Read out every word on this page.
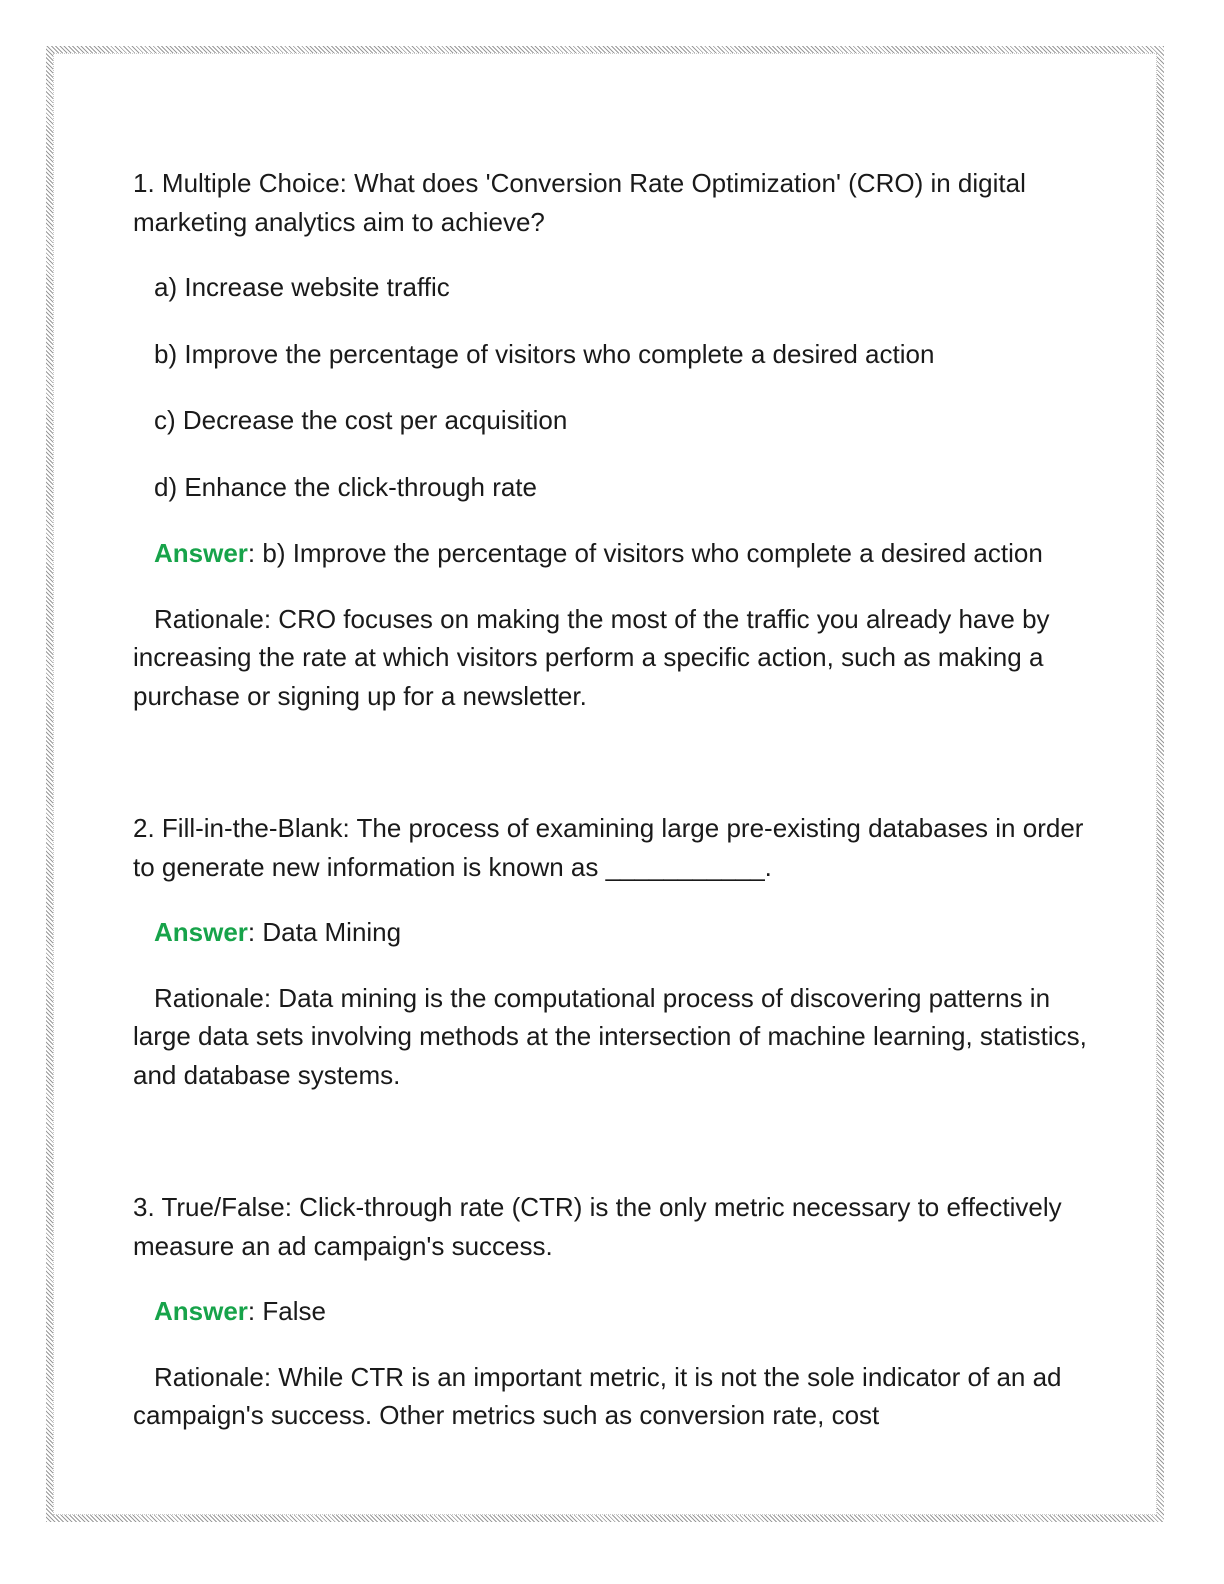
1. Multiple Choice: What does 'Conversion Rate Optimization' (CRO) in digital marketing analytics aim to achieve?

a) Increase website traffic

b) Improve the percentage of visitors who complete a desired action

c) Decrease the cost per acquisition

d) Enhance the click-through rate

Answer: b) Improve the percentage of visitors who complete a desired action

Rationale: CRO focuses on making the most of the traffic you already have by increasing the rate at which visitors perform a specific action, such as making a purchase or signing up for a newsletter.

2. Fill-in-the-Blank: The process of examining large pre-existing databases in order to generate new information is known as ___________.

Answer: Data Mining

Rationale: Data mining is the computational process of discovering patterns in large data sets involving methods at the intersection of machine learning, statistics, and database systems.

3. True/False: Click-through rate (CTR) is the only metric necessary to effectively measure an ad campaign's success.

Answer: False

Rationale: While CTR is an important metric, it is not the sole indicator of an ad campaign's success. Other metrics such as conversion rate, cost
